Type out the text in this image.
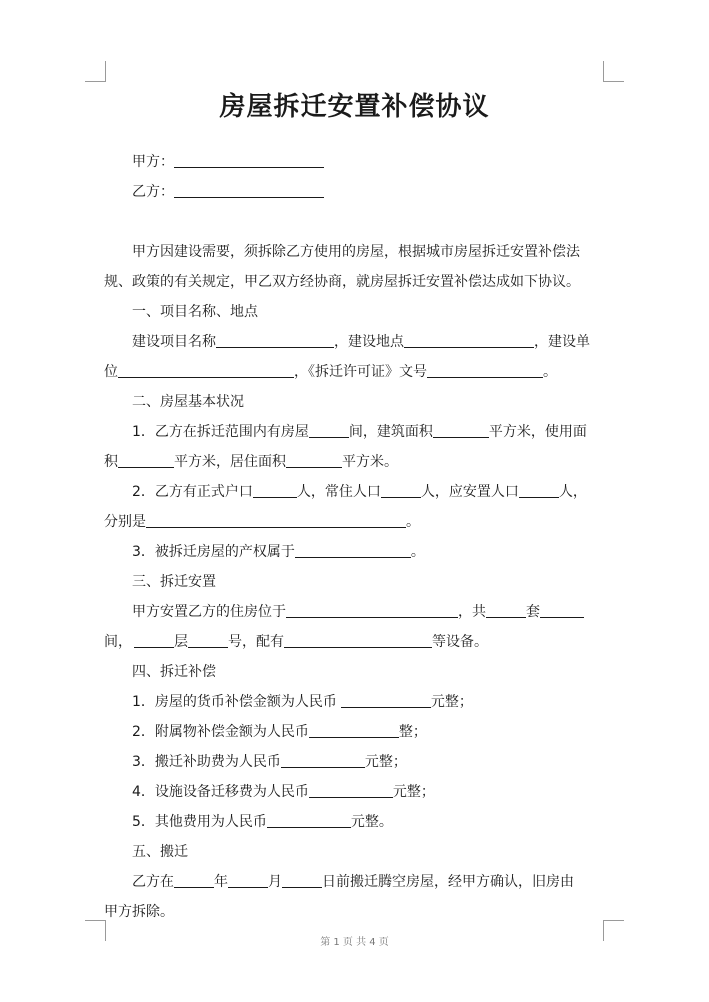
房屋拆迁安置补偿协议
甲方：
乙方：
甲方因建设需要，须拆除乙方使用的房屋，根据城市房屋拆迁安置补偿法
规、政策的有关规定，甲乙双方经协商，就房屋拆迁安置补偿达成如下协议。
一、项目名称、地点
建设项目名称	，建设地点	，建设单
位	，《拆迁许可证》文号	。
二、房屋基本状况
1．乙方在拆迁范围内有房屋	间，建筑面积	平方米，使用面
积	平方米，居住面积	平方米。
2．乙方有正式户口	人，常住人口	人，应安置人口	人，
分别是	。
3．被拆迁房屋的产权属于	。
三、拆迁安置
甲方安置乙方的住房位于	，共	套
间，	层	号，配有	等设备。
四、拆迁补偿
1．房屋的货币补偿金额为人民币	元整；
2．附属物补偿金额为人民币	整；
3．搬迁补助费为人民币	元整；
4．设施设备迁移费为人民币	元整；
5．其他费用为人民币	元整。
五、搬迁
乙方在	年	月	日前搬迁腾空房屋，经甲方确认，旧房由
甲方拆除。
第 1 页 共 4 页
